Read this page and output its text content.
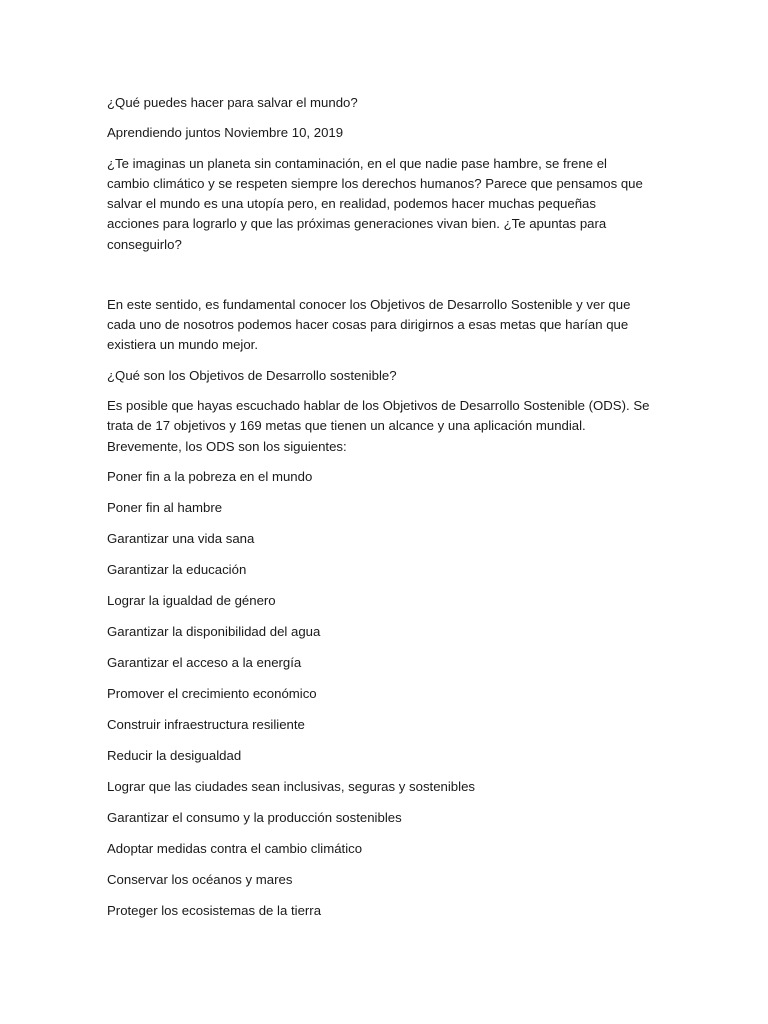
¿Qué puedes hacer para salvar el mundo?

Aprendiendo juntos Noviembre 10, 2019

¿Te imaginas un planeta sin contaminación, en el que nadie pase hambre, se frene el
cambio climático y se respeten siempre los derechos humanos? Parece que pensamos que
salvar el mundo es una utopía pero, en realidad, podemos hacer muchas pequeñas
acciones para lograrlo y que las próximas generaciones vivan bien. ¿Te apuntas para
conseguirlo?
En este sentido, es fundamental conocer los Objetivos de Desarrollo Sostenible y ver que
cada uno de nosotros podemos hacer cosas para dirigirnos a esas metas que harían que
existiera un mundo mejor.

¿Qué son los Objetivos de Desarrollo sostenible?

Es posible que hayas escuchado hablar de los Objetivos de Desarrollo Sostenible (ODS). Se
trata de 17 objetivos y 169 metas que tienen un alcance y una aplicación mundial.
Brevemente, los ODS son los siguientes:

Poner fin a la pobreza en el mundo

Poner fin al hambre

Garantizar una vida sana

Garantizar la educación

Lograr la igualdad de género

Garantizar la disponibilidad del agua

Garantizar el acceso a la energía

Promover el crecimiento económico

Construir infraestructura resiliente

Reducir la desigualdad

Lograr que las ciudades sean inclusivas, seguras y sostenibles

Garantizar el consumo y la producción sostenibles

Adoptar medidas contra el cambio climático

Conservar los océanos y mares

Proteger los ecosistemas de la tierra
